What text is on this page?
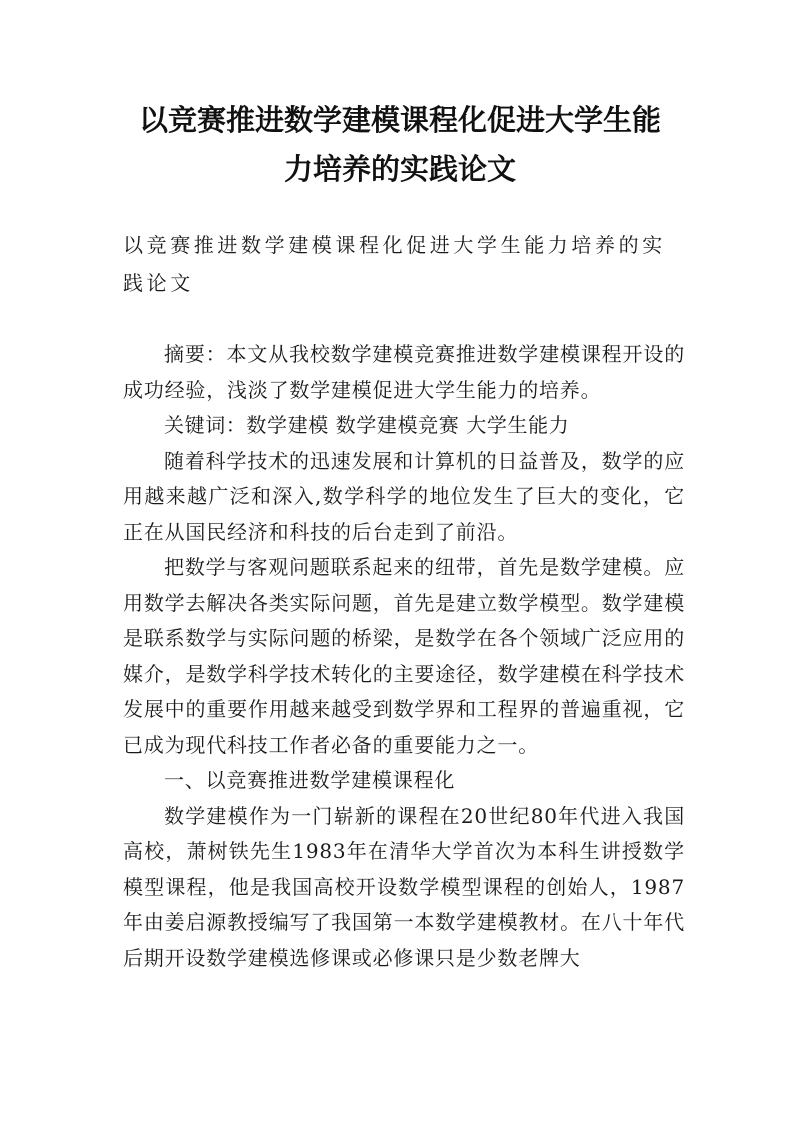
以竞赛推进数学建模课程化促进大学生能
力培养的实践论文

以竞赛推进数学建模课程化促进大学生能力培养的实践论文

摘要：本文从我校数学建模竞赛推进数学建模课程开设的成功经验，浅淡了数学建模促进大学生能力的培养。

关键词：数学建模 数学建模竞赛 大学生能力

随着科学技术的迅速发展和计算机的日益普及，数学的应用越来越广泛和深入,数学科学的地位发生了巨大的变化，它正在从国民经济和科技的后台走到了前沿。

把数学与客观问题联系起来的纽带，首先是数学建模。应用数学去解决各类实际问题，首先是建立数学模型。数学建模是联系数学与实际问题的桥梁，是数学在各个领域广泛应用的媒介，是数学科学技术转化的主要途径，数学建模在科学技术发展中的重要作用越来越受到数学界和工程界的普遍重视，它已成为现代科技工作者必备的重要能力之一。

一、以竞赛推进数学建模课程化

数学建模作为一门崭新的课程在20世纪80年代进入我国高校，萧树铁先生1983年在清华大学首次为本科生讲授数学模型课程，他是我国高校开设数学模型课程的创始人，1987年由姜启源教授编写了我国第一本数学建模教材。在八十年代后期开设数学建模选修课或必修课只是少数老牌大
